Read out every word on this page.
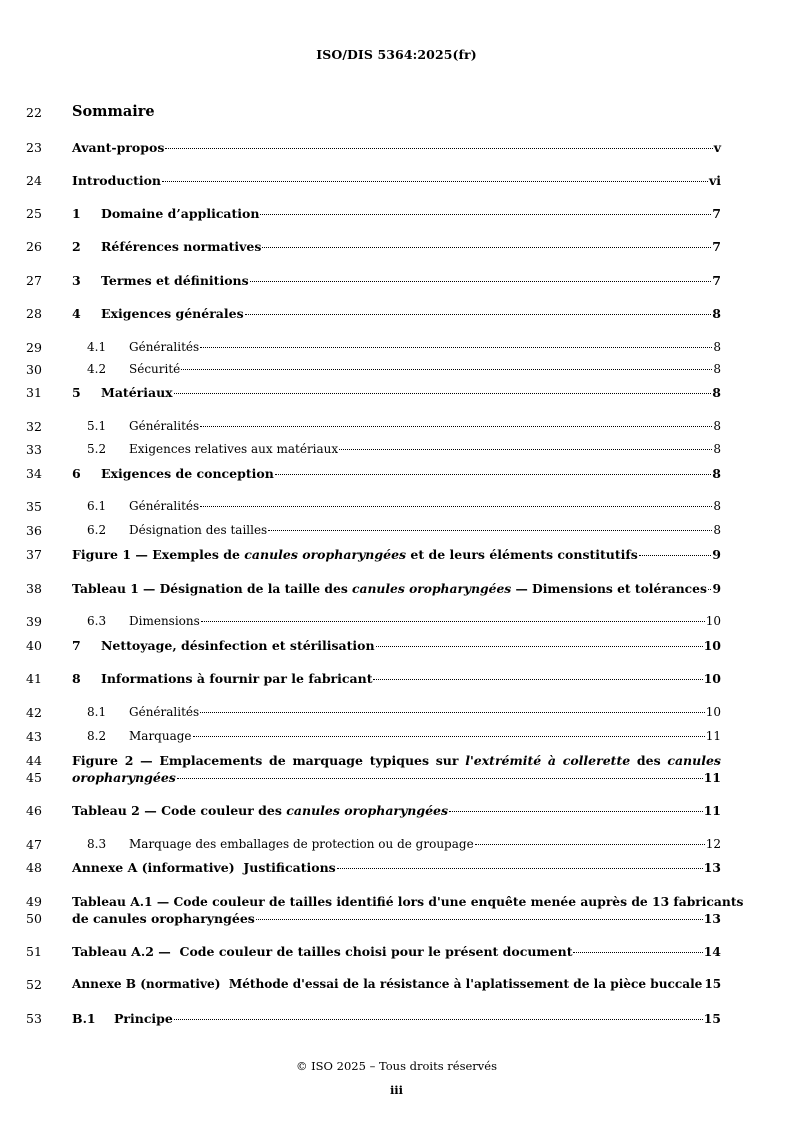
ISO/DIS 5364:2025(fr)
22	Sommaire
23	Avant-propos	v
24	Introduction	vi
25	1	Domaine d’application	7
26	2	Références normatives	7
27	3	Termes et définitions	7
28	4	Exigences générales	8
29	4.1	Généralités	8
30	4.2	Sécurité	8
31	5	Matériaux	8
32	5.1	Généralités	8
33	5.2	Exigences relatives aux matériaux	8
34	6	Exigences de conception	8
35	6.1	Généralités	8
36	6.2	Désignation des tailles	8
37	Figure 1 — Exemples de canules oropharyngées et de leurs éléments constitutifs	9
38	Tableau 1 — Désignation de la taille des canules oropharyngées — Dimensions et tolérances 9
39	6.3	Dimensions	10
40	7	Nettoyage, désinfection et stérilisation	10
41	8	Informations à fournir par le fabricant	10
42	8.1	Généralités	10
43	8.2	Marquage	11
44	Figure 2 — Emplacements de marquage typiques sur l'extrémité à collerette des canules
45	oropharyngées	11
46	Tableau 2 — Code couleur des canules oropharyngées	11
47	8.3	Marquage des emballages de protection ou de groupage	12
48	Annexe A (informative)  Justifications	13
49	Tableau A.1 — Code couleur de tailles identifié lors d'une enquête menée auprès de 13 fabricants
50	de canules oropharyngées	13
51	Tableau A.2 —  Code couleur de tailles choisi pour le présent document	14
52	Annexe B (normative)  Méthode d'essai de la résistance à l'aplatissement de la pièce buccale 15
53	B.1	Principe	15
© ISO 2025 – Tous droits réservés
iii
